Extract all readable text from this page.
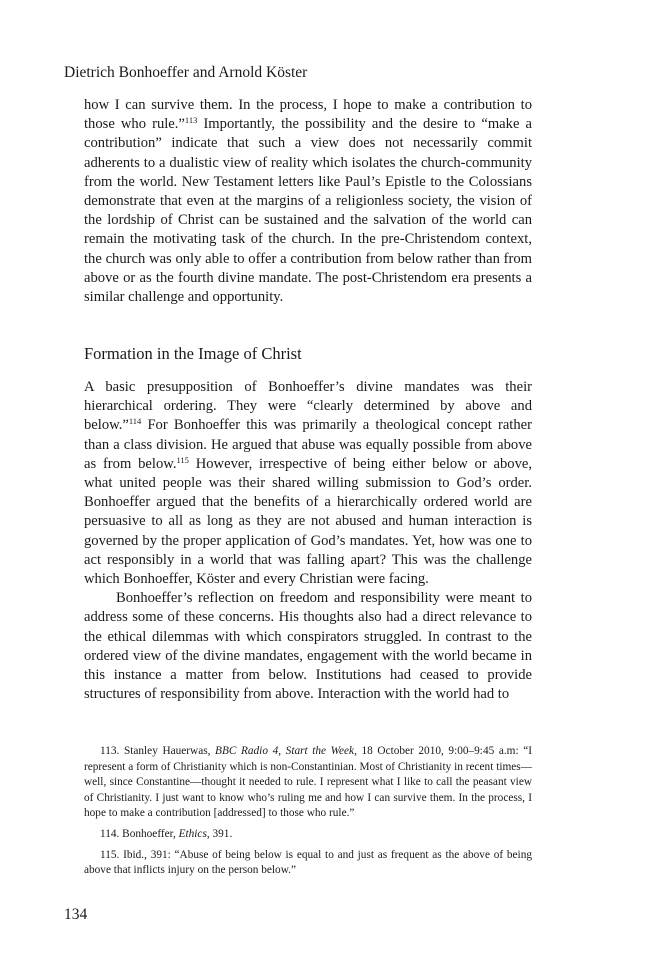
Dietrich Bonhoeffer and Arnold Köster

how I can survive them. In the process, I hope to make a contribution to those who rule.”$^{113}$ Importantly, the possibility and the desire to “make a contribution” indicate that such a view does not necessarily commit adherents to a dualistic view of reality which isolates the church-community from the world. New Testament letters like Paul’s Epistle to the Colossians demonstrate that even at the margins of a religionless society, the vision of the lordship of Christ can be sustained and the salvation of the world can remain the motivating task of the church. In the pre-Christendom context, the church was only able to offer a contribution from below rather than from above or as the fourth divine mandate. The post-Christendom era presents a similar challenge and opportunity.

Formation in the Image of Christ

A basic presupposition of Bonhoeffer’s divine mandates was their hierarchical ordering. They were “clearly determined by above and below.”$^{114}$ For Bonhoeffer this was primarily a theological concept rather than a class division. He argued that abuse was equally possible from above as from below.$^{115}$ However, irrespective of being either below or above, what united people was their shared willing submission to God’s order. Bonhoeffer argued that the benefits of a hierarchically ordered world are persuasive to all as long as they are not abused and human interaction is governed by the proper application of God’s mandates. Yet, how was one to act responsibly in a world that was falling apart? This was the challenge which Bonhoeffer, Köster and every Christian were facing.

Bonhoeffer’s reflection on freedom and responsibility were meant to address some of these concerns. His thoughts also had a direct relevance to the ethical dilemmas with which conspirators struggled. In contrast to the ordered view of the divine mandates, engagement with the world became in this instance a matter from below. Institutions had ceased to provide structures of responsibility from above. Interaction with the world had to

113. Stanley Hauerwas, BBC Radio 4, Start the Week, 18 October 2010, 9:00–9:45 a.m: “I represent a form of Christianity which is non-Constantinian. Most of Christianity in recent times—well, since Constantine—thought it needed to rule. I represent what I like to call the peasant view of Christianity. I just want to know who’s ruling me and how I can survive them. In the process, I hope to make a contribution [addressed] to those who rule.”

114. Bonhoeffer, Ethics, 391.

115. Ibid., 391: “Abuse of being below is equal to and just as frequent as the above of being above that inflicts injury on the person below.”

134
